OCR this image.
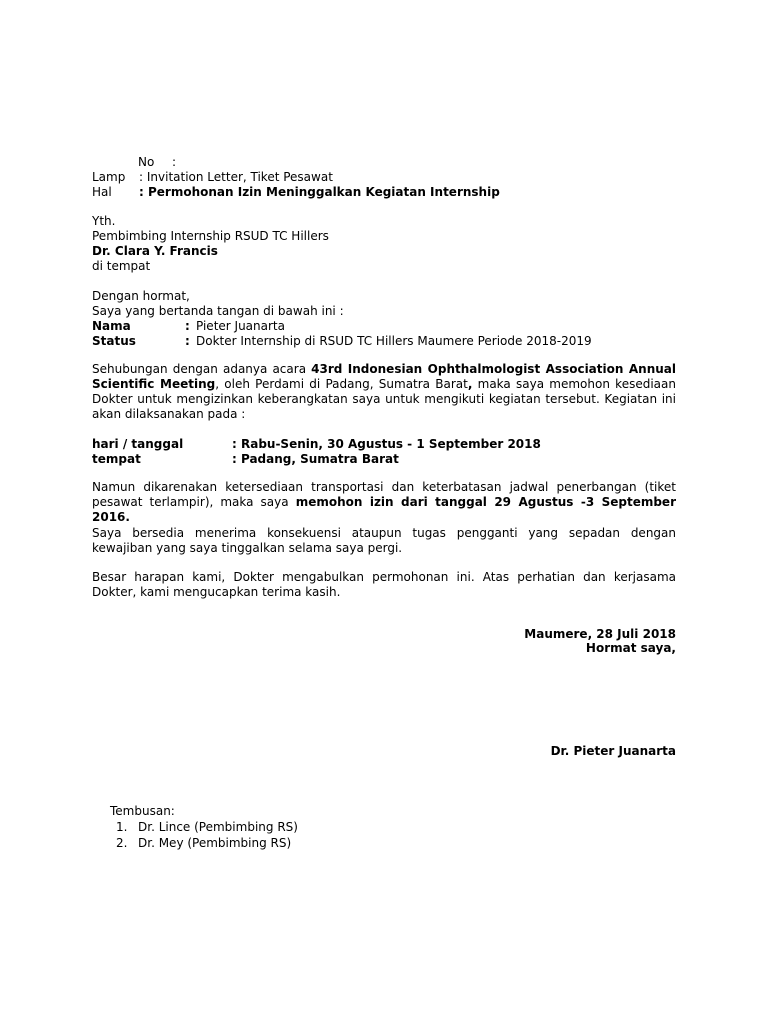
No :
Lamp : Invitation Letter, Tiket Pesawat
Hal : Permohonan Izin Meninggalkan Kegiatan Internship
Yth.
Pembimbing Internship RSUD TC Hillers
Dr. Clara Y. Francis
di tempat
Dengan hormat,
Saya yang bertanda tangan di bawah ini :
Nama	: Pieter Juanarta
Status	: Dokter Internship di RSUD TC Hillers Maumere Periode 2018-2019
Sehubungan dengan adanya acara 43rd Indonesian Ophthalmologist Association Annual Scientific Meeting, oleh Perdami di Padang, Sumatra Barat, maka saya memohon kesediaan Dokter untuk mengizinkan keberangkatan saya untuk mengikuti kegiatan tersebut. Kegiatan ini akan dilaksanakan pada :
hari / tanggal	: Rabu-Senin, 30 Agustus - 1 September 2018
tempat	: Padang, Sumatra Barat
Namun dikarenakan ketersediaan transportasi dan keterbatasan jadwal penerbangan (tiket pesawat terlampir), maka saya memohon izin dari tanggal 29 Agustus -3 September 2016.
Saya bersedia menerima konsekuensi ataupun tugas pengganti yang sepadan dengan kewajiban yang saya tinggalkan selama saya pergi.
Besar harapan kami, Dokter mengabulkan permohonan ini. Atas perhatian dan kerjasama Dokter, kami mengucapkan terima kasih.
Maumere, 28 Juli 2018
Hormat saya,
Dr. Pieter Juanarta
Tembusan:
1. Dr. Lince (Pembimbing RS)
2. Dr. Mey (Pembimbing RS)
